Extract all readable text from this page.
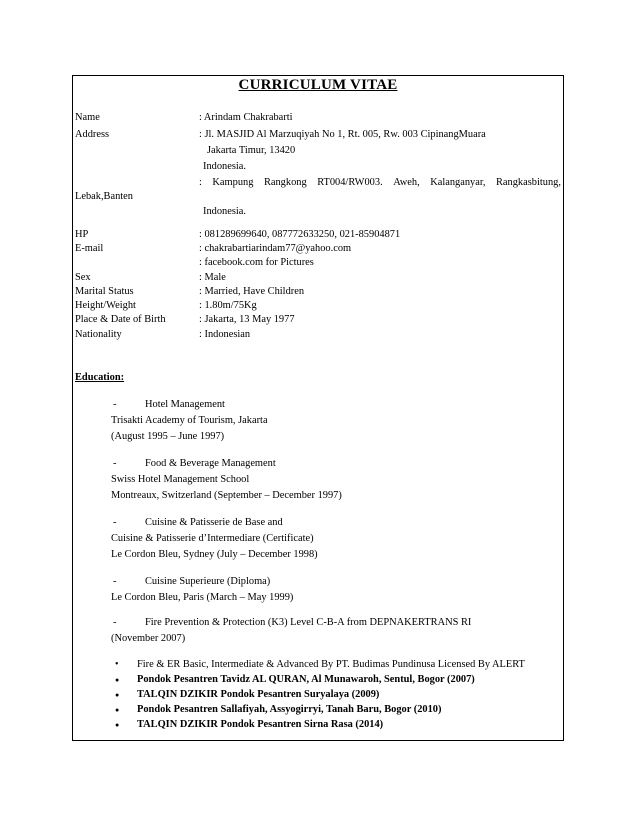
CURRICULUM VITAE
Name	: Arindam Chakrabarti
Address	: Jl. MASJID Al Marzuqiyah No 1, Rt. 005, Rw. 003 CipinangMuara
Jakarta Timur, 13420
Indonesia.
: Kampung Rangkong RT004/RW003. Aweh, Kalanganyar, Rangkasbitung,
Lebak,Banten
Indonesia.
HP	: 081289699640, 087772633250, 021-85904871
E-mail	: chakrabartiarindam77@yahoo.com
: facebook.com for Pictures
Sex	: Male
Marital Status	: Married, Have Children
Height/Weight	: 1.80m/75Kg
Place & Date of Birth	: Jakarta, 13 May 1977
Nationality	: Indonesian
Education:
-	Hotel Management
Trisakti Academy of Tourism, Jakarta
(August 1995 – June 1997)
-	Food & Beverage Management
Swiss Hotel Management School
Montreaux, Switzerland (September – December 1997)
-	Cuisine & Patisserie de Base and
Cuisine & Patisserie d’Intermediare (Certificate)
Le Cordon Bleu, Sydney (July – December 1998)
-	Cuisine Superieure (Diploma)
Le Cordon Bleu, Paris (March – May 1999)
-	Fire Prevention & Protection (K3) Level C-B-A from DEPNAKERTRANS RI
(November 2007)
• Fire & ER Basic, Intermediate & Advanced By PT. Budimas Pundinusa Licensed By ALERT
● Pondok Pesantren Tavidz AL QURAN, Al Munawaroh, Sentul, Bogor (2007)
● TALQIN DZIKIR Pondok Pesantren Suryalaya (2009)
● Pondok Pesantren Sallafiyah, Assyogirryi, Tanah Baru, Bogor (2010)
● TALQIN DZIKIR Pondok Pesantren Sirna Rasa (2014)
